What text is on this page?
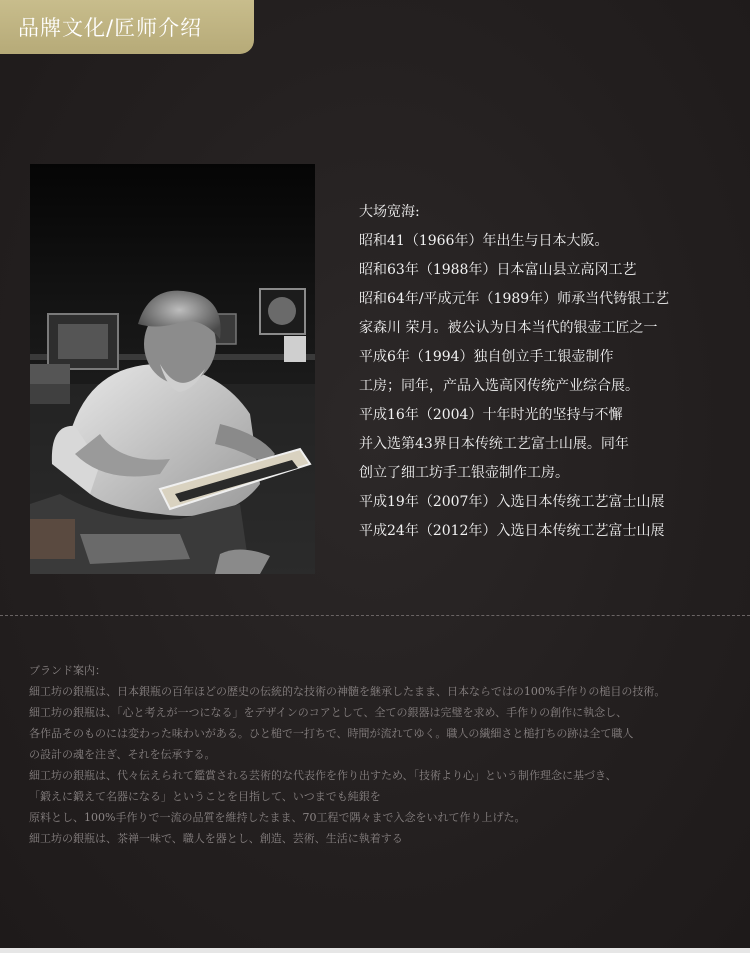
品牌文化/匠师介绍
大场宽海:
昭和41（1966年）年出生与日本大阪。
昭和63年（1988年）日本富山县立高冈工艺
昭和64年/平成元年（1989年）师承当代铸银工艺
家森川 荣月。被公认为日本当代的银壶工匠之一
平成6年（1994）独自创立手工银壶制作
工房；同年，产品入选高冈传统产业综合展。
平成16年（2004）十年时光的坚持与不懈
并入选第43界日本传统工艺富士山展。同年
创立了细工坊手工银壶制作工房。
平成19年（2007年）入选日本传统工艺富士山展
平成24年（2012年）入选日本传统工艺富士山展
ブランド案内：
細工坊の銀瓶は、日本銀瓶の百年ほどの歴史の伝統的な技術の神髄を継承したまま、日本ならではの100%手作りの槌目の技術。
細工坊の銀瓶は、「心と考えが一つになる」をデザインのコアとして、全ての銀器は完璧を求め、手作りの創作に執念し、
各作品そのものには変わった味わいがある。ひと槌で一打ちで、時間が流れてゆく。職人の繊細さと槌打ちの跡は全て職人
の設計の魂を注ぎ、それを伝承する。
細工坊の銀瓶は、代々伝えられて鑑賞される芸術的な代表作を作り出すため、「技術より心」という制作理念に基づき、
「鍛えに鍛えて名器になる」ということを目指して、いつまでも純銀を
原料とし、100%手作りで一流の品質を維持したまま、70工程で隅々まで入念をいれて作り上げた。
細工坊の銀瓶は、茶禅一味で、職人を器とし、創造、芸術、生活に執着する
